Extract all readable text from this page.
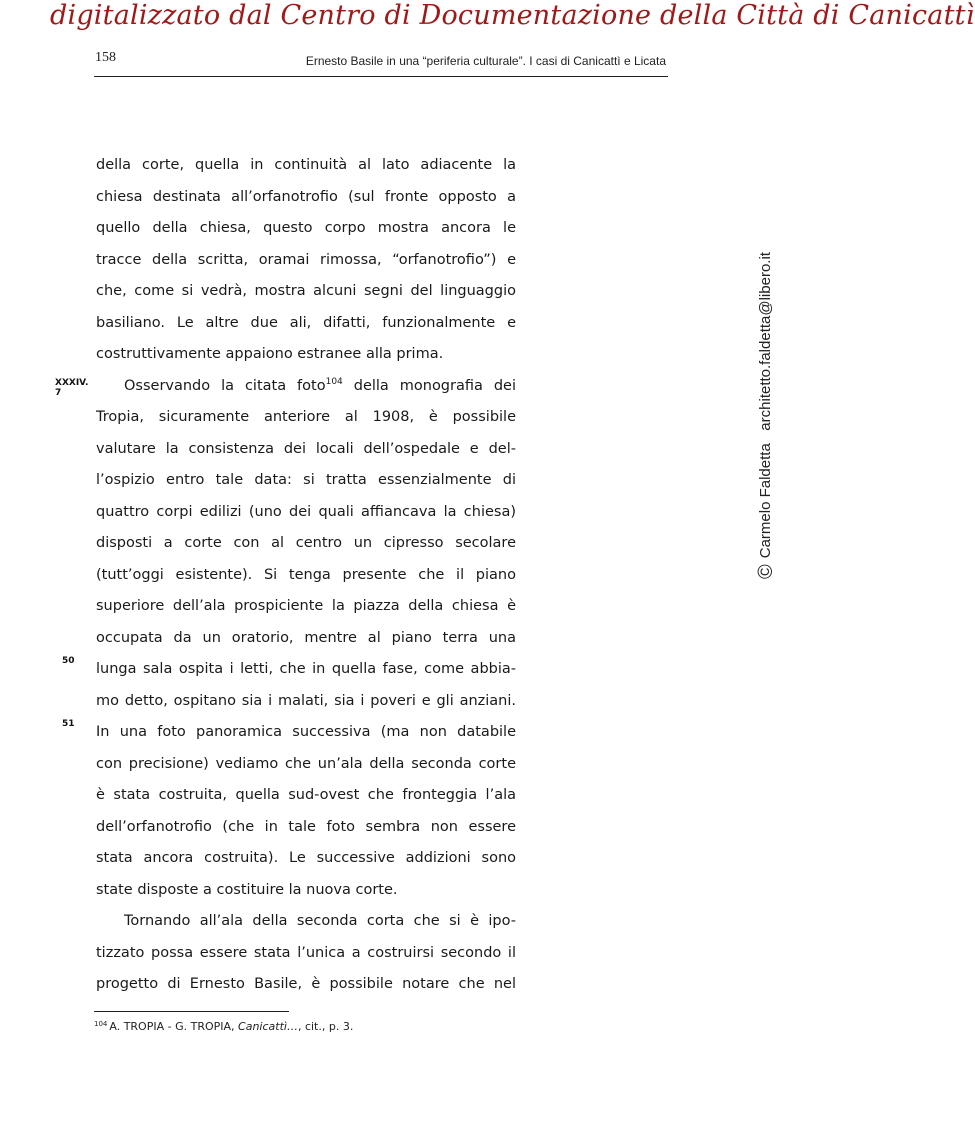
digitalizzato dal Centro di Documentazione della Città di Canicattì
158	Ernesto Basile in una “periferia culturale”. I casi di Canicattì e Licata
©Carmelo Faldetta   architetto.faldetta@libero.it
XXXIV.
7
50
51
della corte, quella in continuità al lato adiacente la
chiesa destinata all’orfanotrofio (sul fronte opposto a
quello della chiesa, questo corpo mostra ancora le
tracce della scritta, oramai rimossa, “orfanotrofio”) e
che, come si vedrà, mostra alcuni segni del linguaggio
basiliano. Le altre due ali, difatti, funzionalmente e
costruttivamente appaiono estranee alla prima.
Osservando la citata foto$^{104}$ della monografia dei
Tropia, sicuramente anteriore al 1908, è possibile
valutare la consistenza dei locali dell’ospedale e del-
l’ospizio entro tale data: si tratta essenzialmente di
quattro corpi edilizi (uno dei quali affiancava la chiesa)
disposti a corte con al centro un cipresso secolare
(tutt’oggi esistente). Si tenga presente che il piano
superiore dell’ala prospiciente la piazza della chiesa è
occupata da un oratorio, mentre al piano terra una
lunga sala ospita i letti, che in quella fase, come abbia-
mo detto, ospitano sia i malati, sia i poveri e gli anziani.
In una foto panoramica successiva (ma non databile
con precisione) vediamo che un’ala della seconda corte
è stata costruita, quella sud-ovest che fronteggia l’ala
dell’orfanotrofio (che in tale foto sembra non essere
stata ancora costruita). Le successive addizioni sono
state disposte a costituire la nuova corte.
Tornando all’ala della seconda corta che si è ipo-
tizzato possa essere stata l’unica a costruirsi secondo il
progetto di Ernesto Basile, è possibile notare che nel
$^{104}$ A. TROPIA - G. TROPIA, Canicattì…, cit., p. 3.
